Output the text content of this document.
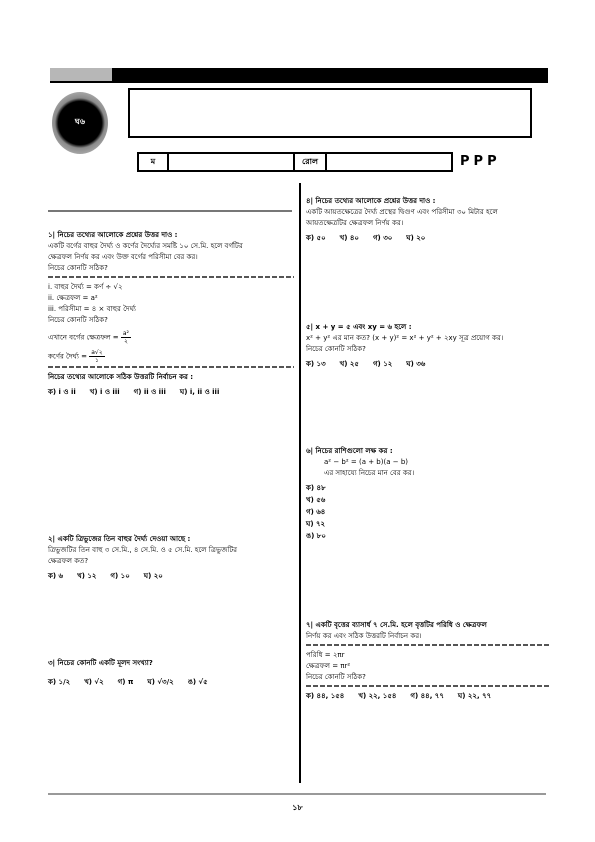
ঘ৬
ম	রোল	P P P

১| নিচের তথ্যের আলোকে প্রশ্নের উত্তর দাও :

একটি বর্গের বাহুর দৈর্ঘ্য ও কর্ণের দৈর্ঘ্যের সমষ্টি ১০ সে.মি. হলে বর্গটির

ক্ষেত্রফল নির্ণয় কর এবং উক্ত বর্গের পরিসীমা বের কর।

নিচের কোনটি সঠিক?

i. বাহুর দৈর্ঘ্য = কর্ণ ÷ √২

ii. ক্ষেত্রফল = a²

iii. পরিসীমা = ৪ × বাহুর দৈর্ঘ্য

নিচের কোনটি সঠিক?

এখানে বর্গের ক্ষেত্রফল = $\frac{\text{a²}}{২}$

কর্ণের দৈর্ঘ্য = $\frac{a√২}{১}$

নিচের তথ্যের আলোকে সঠিক উত্তরটি নির্বাচন কর :

ক) i ও ii খ) i ও iii গ) ii ও iii ঘ) i, ii ও iii

২| একটি ত্রিভুজের তিন বাহুর দৈর্ঘ্য দেওয়া আছে :

ত্রিভুজটির তিন বাহু ৩ সে.মি., ৪ সে.মি. ও ৫ সে.মি. হলে ত্রিভুজটির

ক্ষেত্রফল কত?

ক) ৬ খ) ১২ গ) ১০ ঘ) ২০

৩| নিচের কোনটি একটি মূলদ সংখ্যা?

ক) ১/২ খ) √২ গ) π ঘ) √৩/২ ঙ) √৫

৪| নিচের তথ্যের আলোকে প্রশ্নের উত্তর দাও :

একটি আয়তক্ষেত্রের দৈর্ঘ্য প্রস্থের দ্বিগুণ এবং পরিসীমা ৩০ মিটার হলে

আয়তক্ষেত্রটির ক্ষেত্রফল নির্ণয় কর।

ক) ৫০ খ) ৪০ গ) ৩০ ঘ) ২০

৫| x + y = ৫ এবং xy = ৬ হলে :

x² + y² এর মান কত? (x + y)² = x² + y² + ২xy সূত্র প্রয়োগ কর।

নিচের কোনটি সঠিক?

ক) ১৩ খ) ২৫ গ) ১২ ঘ) ৩৬

৬| নিচের রাশিগুলো লক্ষ কর :

a² − b² = (a + b)(a − b)

এর সাহায্যে নিচের মান বের কর।

ক) ৪৮
খ) ৫৬
গ) ৬৪
ঘ) ৭২
ঙ) ৮০

৭| একটি বৃত্তের ব্যাসার্ধ ৭ সে.মি. হলে বৃত্তটির পরিধি ও ক্ষেত্রফল

নির্ণয় কর এবং সঠিক উত্তরটি নির্বাচন কর।

পরিধি = ২πr

ক্ষেত্রফল = πr²

নিচের কোনটি সঠিক?

ক) ৪৪, ১৫৪ খ) ২২, ১৫৪ গ) ৪৪, ৭৭ ঘ) ২২, ৭৭
১৮
